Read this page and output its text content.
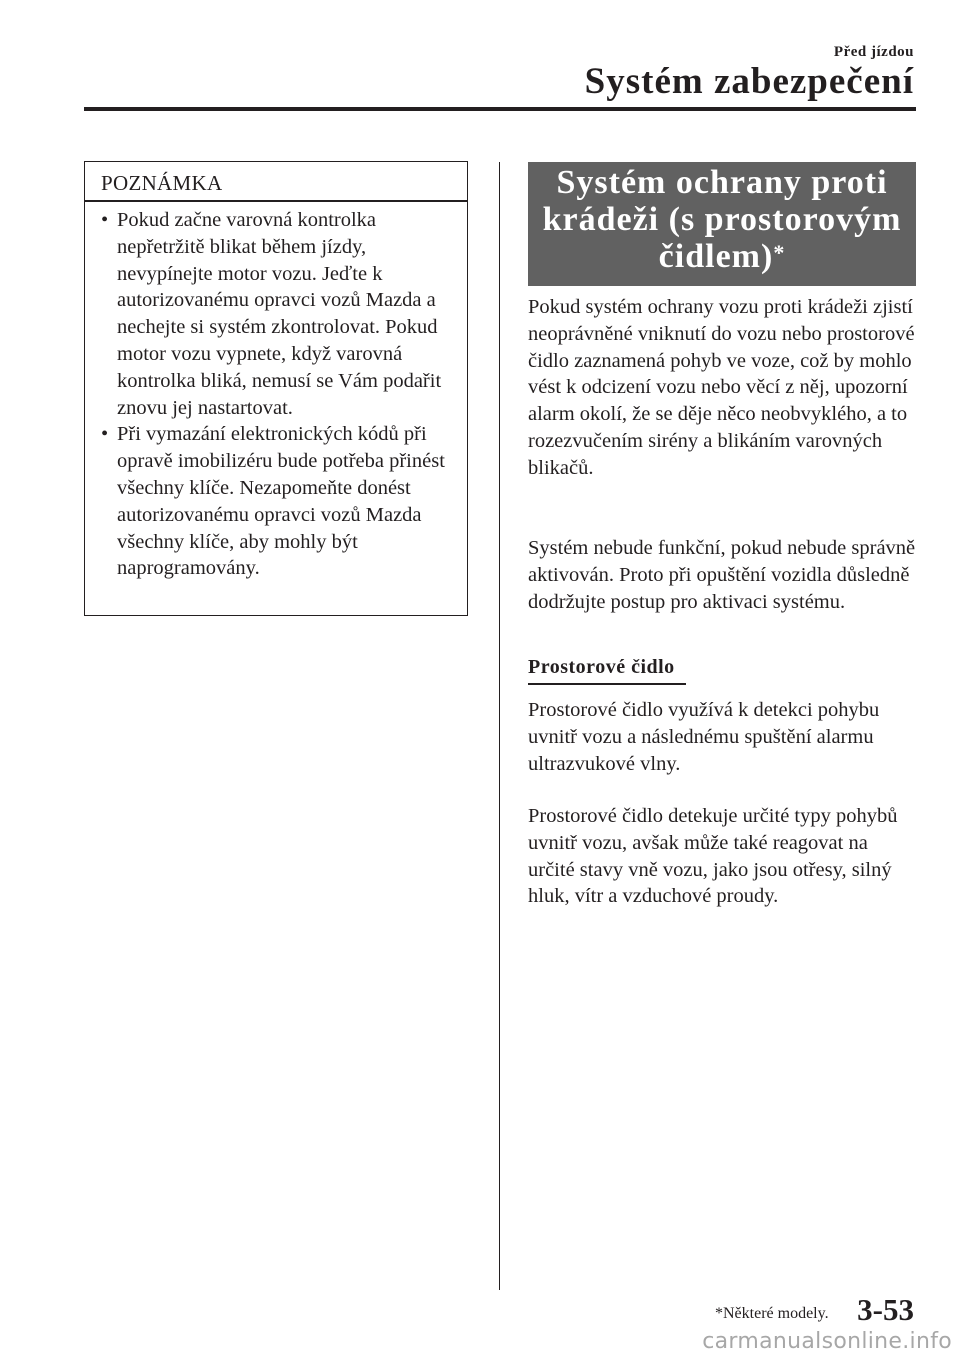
Před jízdou
Systém zabezpečení
POZNÁMKA
• Pokud začne varovná kontrolka nepřetržitě blikat během jízdy, nevypínejte motor vozu. Jeďte k autorizovanému opravci vozů Mazda a nechejte si systém zkontrolovat. Pokud motor vozu vypnete, když varovná kontrolka bliká, nemusí se Vám podařit znovu jej nastartovat.
• Při vymazání elektronických kódů při opravě imobilizéru bude potřeba přinést všechny klíče. Nezapomeňte donést autorizovanému opravci vozů Mazda všechny klíče, aby mohly být naprogramovány.
Systém ochrany proti
krádeži (s prostorovým
čidlem)*

Pokud systém ochrany vozu proti krádeži zjistí neoprávněné vniknutí do vozu nebo prostorové čidlo zaznamená pohyb ve voze, což by mohlo vést k odcizení vozu nebo věcí z něj, upozorní alarm okolí, že se děje něco neobvyklého, a to rozezvučením sirény a blikáním varovných blikačů.

Systém nebude funkční, pokud nebude správně aktivován. Proto při opuštění vozidla důsledně dodržujte postup pro aktivaci systému.

Prostorové čidlo

Prostorové čidlo využívá k detekci pohybu uvnitř vozu a následnému spuštění alarmu ultrazvukové vlny.

Prostorové čidlo detekuje určité typy pohybů uvnitř vozu, avšak může také reagovat na určité stavy vně vozu, jako jsou otřesy, silný hluk, vítr a vzduchové proudy.

*Některé modely. 3-53
carmanualsonline.info
